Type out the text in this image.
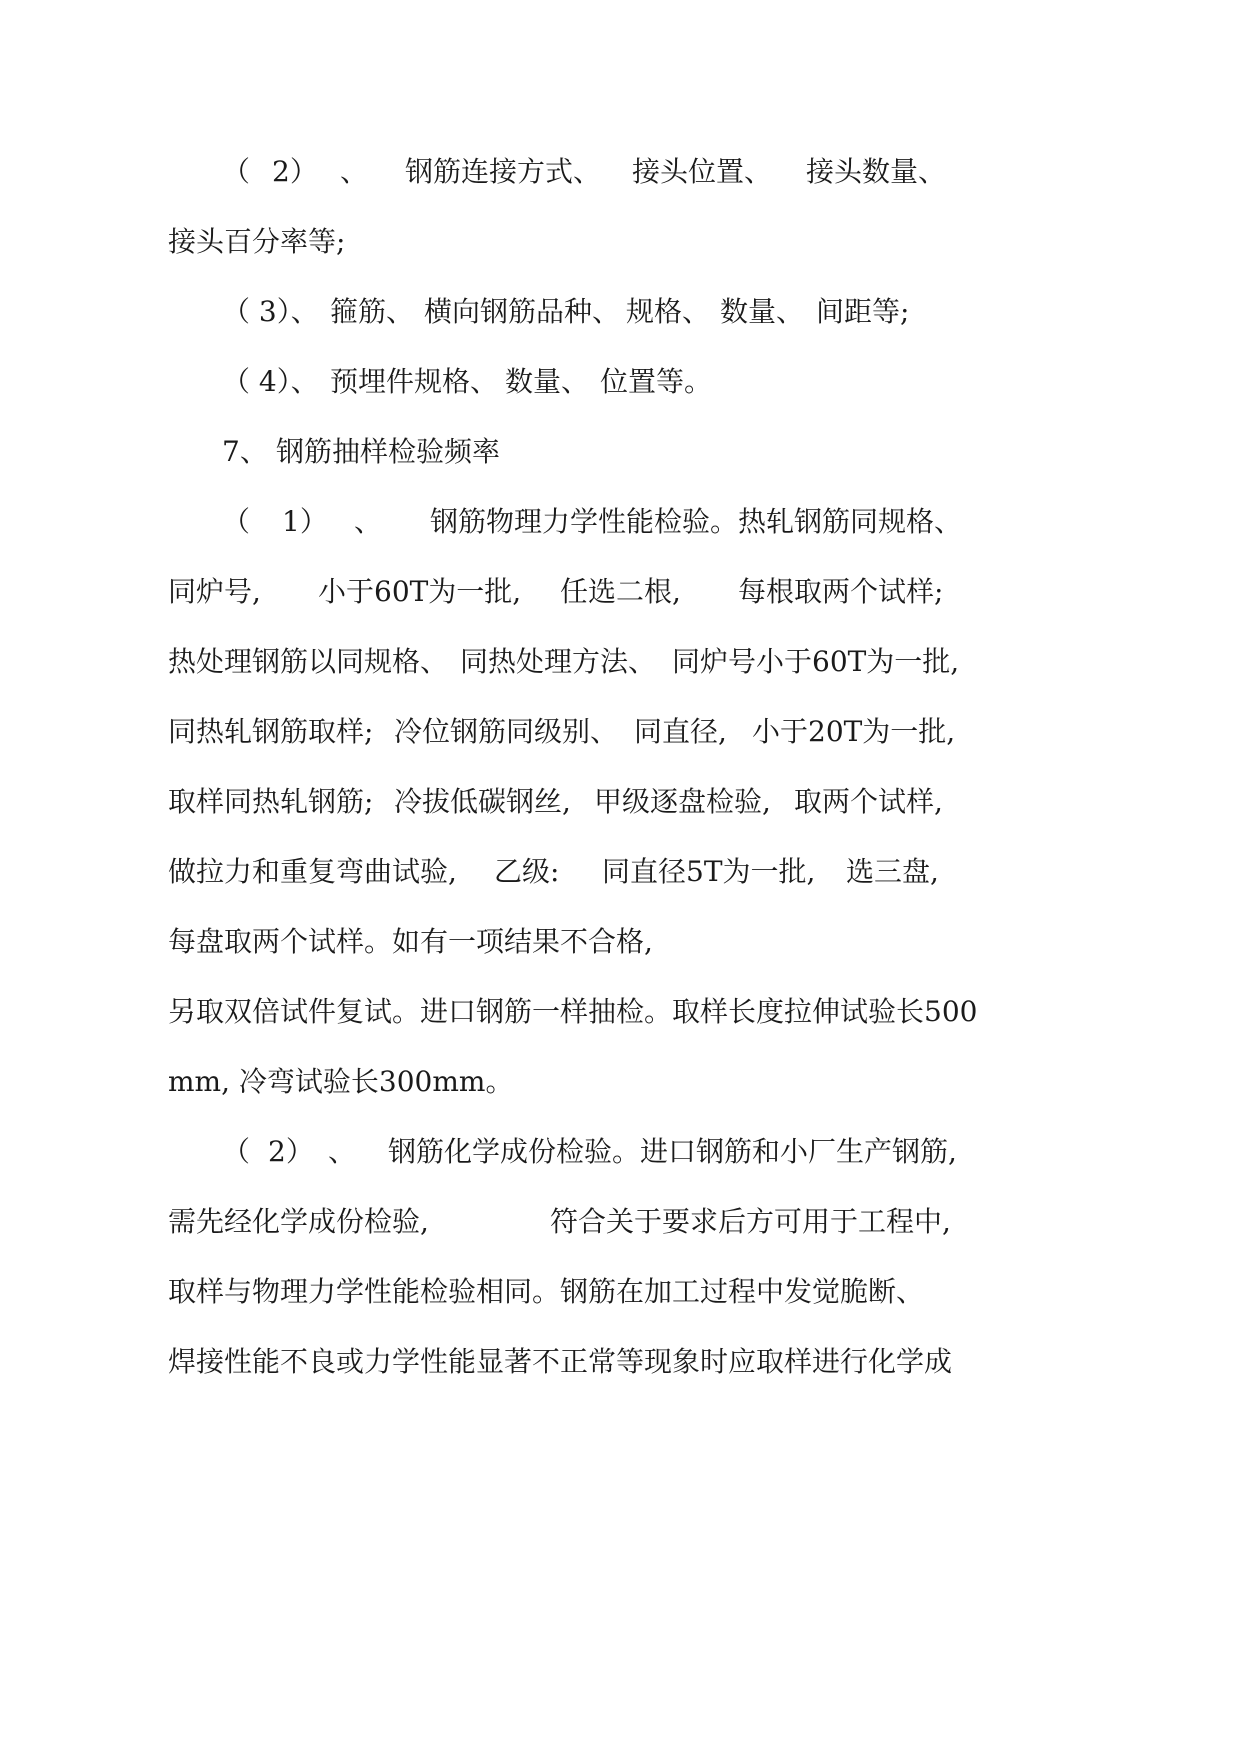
（

2）

、

钢筋连接方式、

接头位置、

接头数量、

接头百分率等;

（ 3）、

箍筋、

横向钢筋品种、

规格、

数量、

间距等;

（ 4）、

预埋件规格、

数量、

位置等。

7、

钢筋抽样检验频率

（

1）

、

钢筋物理力学性能检验。热轧钢筋同规格、

同炉号,

小于60T为一批,

任选二根,

每根取两个试样;

热处理钢筋以同规格、

同热处理方法、

同炉号小于60T为一批,

同热轧钢筋取样;

冷位钢筋同级别、

同直径,

小于20T为一批,

取样同热轧钢筋;

冷拔低碳钢丝,

甲级逐盘检验,

取两个试样,

做拉力和重复弯曲试验,

乙级:

同直径5T为一批,

选三盘,

每盘取两个试样。如有一项结果不合格,

另取双倍试件复试。进口钢筋一样抽检。取样长度拉伸试验长500

mm, 冷弯试验长300mm。

（

2）

、

钢筋化学成份检验。进口钢筋和小厂生产钢筋,

需先经化学成份检验,

	符合关于要求后方可用于工程中,

取样与物理力学性能检验相同。钢筋在加工过程中发觉脆断、

焊接性能不良或力学性能显著不正常等现象时应取样进行化学成
